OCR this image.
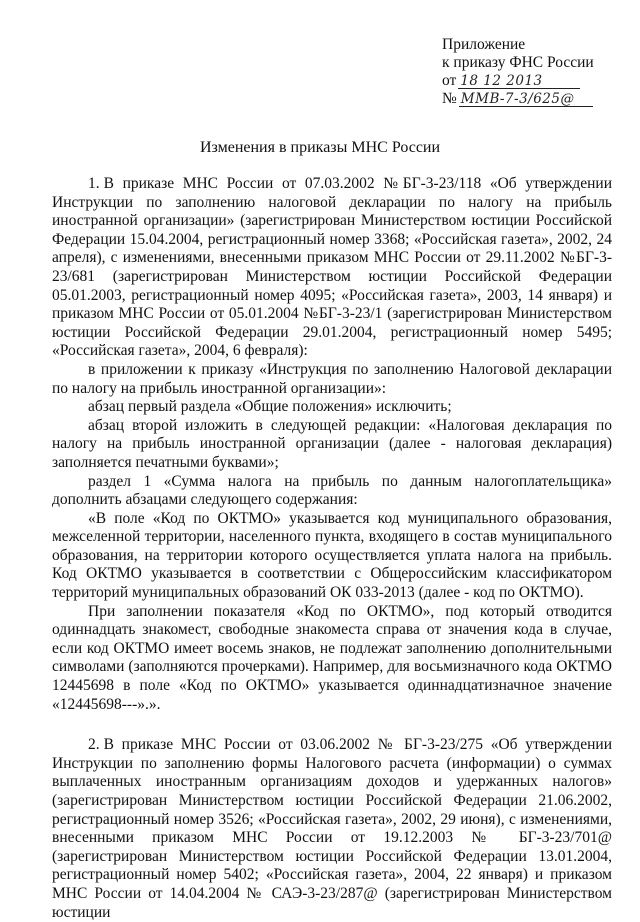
Приложение
к приказу ФНС России
от 18 12 2013
№ ММВ-7-3/625@
Изменения в приказы МНС России

1. В приказе МНС России от 07.03.2002 №БГ-3-23/118 «Об утверждении Инструкции по заполнению налоговой декларации по налогу на прибыль иностранной организации» (зарегистрирован Министерством юстиции Российской Федерации 15.04.2004, регистрационный номер 3368; «Российская газета», 2002, 24 апреля), с изменениями, внесенными приказом МНС России от 29.11.2002 №БГ-3-23/681 (зарегистрирован Министерством юстиции Российской Федерации 05.01.2003, регистрационный номер 4095; «Российская газета», 2003, 14 января) и приказом МНС России от 05.01.2004 №БГ-3-23/1 (зарегистрирован Министерством юстиции Российской Федерации 29.01.2004, регистрационный номер 5495; «Российская газета», 2004, 6 февраля):

в приложении к приказу «Инструкция по заполнению Налоговой декларации по налогу на прибыль иностранной организации»:

абзац первый раздела «Общие положения» исключить;

абзац второй изложить в следующей редакции: «Налоговая декларация по налогу на прибыль иностранной организации (далее - налоговая декларация) заполняется печатными буквами»;

раздел 1 «Сумма налога на прибыль по данным налогоплательщика» дополнить абзацами следующего содержания:

«В поле «Код по ОКТМО» указывается код муниципального образования, межселенной территории, населенного пункта, входящего в состав муниципального образования, на территории которого осуществляется уплата налога на прибыль. Код ОКТМО указывается в соответствии с Общероссийским классификатором территорий муниципальных образований ОК 033-2013 (далее - код по ОКТМО).

При заполнении показателя «Код по ОКТМО», под который отводится одиннадцать знакомест, свободные знакоместа справа от значения кода в случае, если код ОКТМО имеет восемь знаков, не подлежат заполнению дополнительными символами (заполняются прочерками). Например, для восьмизначного кода ОКТМО 12445698 в поле «Код по ОКТМО» указывается одиннадцатизначное значение «12445698---».».

2. В приказе МНС России от 03.06.2002 № БГ-3-23/275 «Об утверждении Инструкции по заполнению формы Налогового расчета (информации) о суммах выплаченных иностранным организациям доходов и удержанных налогов» (зарегистрирован Министерством юстиции Российской Федерации 21.06.2002, регистрационный номер 3526; «Российская газета», 2002, 29 июня), с изменениями, внесенными приказом МНС России от 19.12.2003 № БГ-3-23/701@ (зарегистрирован Министерством юстиции Российской Федерации 13.01.2004, регистрационный номер 5402; «Российская газета», 2004, 22 января) и приказом МНС России от 14.04.2004 № САЭ-3-23/287@ (зарегистрирован Министерством юстиции
